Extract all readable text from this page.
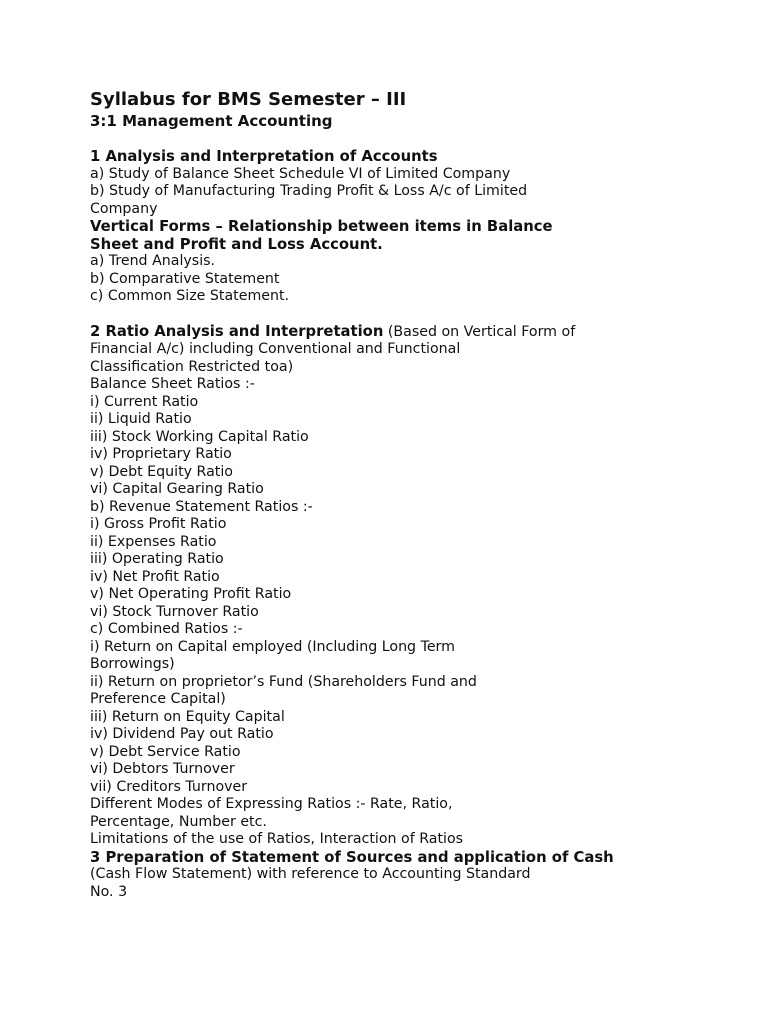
Syllabus for BMS Semester – III
3:1 Management Accounting
1 Analysis and Interpretation of Accounts
a) Study of Balance Sheet Schedule VI of Limited Company
b) Study of Manufacturing Trading Profit & Loss A/c of Limited
Company
Vertical Forms – Relationship between items in Balance
Sheet and Profit and Loss Account.
a) Trend Analysis.
b) Comparative Statement
c) Common Size Statement.
2 Ratio Analysis and Interpretation (Based on Vertical Form of
Financial A/c) including Conventional and Functional
Classification Restricted toa)
Balance Sheet Ratios :-
i) Current Ratio
ii) Liquid Ratio
iii) Stock Working Capital Ratio
iv) Proprietary Ratio
v) Debt Equity Ratio
vi) Capital Gearing Ratio
b) Revenue Statement Ratios :-
i) Gross Profit Ratio
ii) Expenses Ratio
iii) Operating Ratio
iv) Net Profit Ratio
v) Net Operating Profit Ratio
vi) Stock Turnover Ratio
c) Combined Ratios :-
i) Return on Capital employed (Including Long Term
Borrowings)
ii) Return on proprietor’s Fund (Shareholders Fund and
Preference Capital)
iii) Return on Equity Capital
iv) Dividend Pay out Ratio
v) Debt Service Ratio
vi) Debtors Turnover
vii) Creditors Turnover
Different Modes of Expressing Ratios :- Rate, Ratio,
Percentage, Number etc.
Limitations of the use of Ratios, Interaction of Ratios
3 Preparation of Statement of Sources and application of Cash
(Cash Flow Statement) with reference to Accounting Standard
No. 3
